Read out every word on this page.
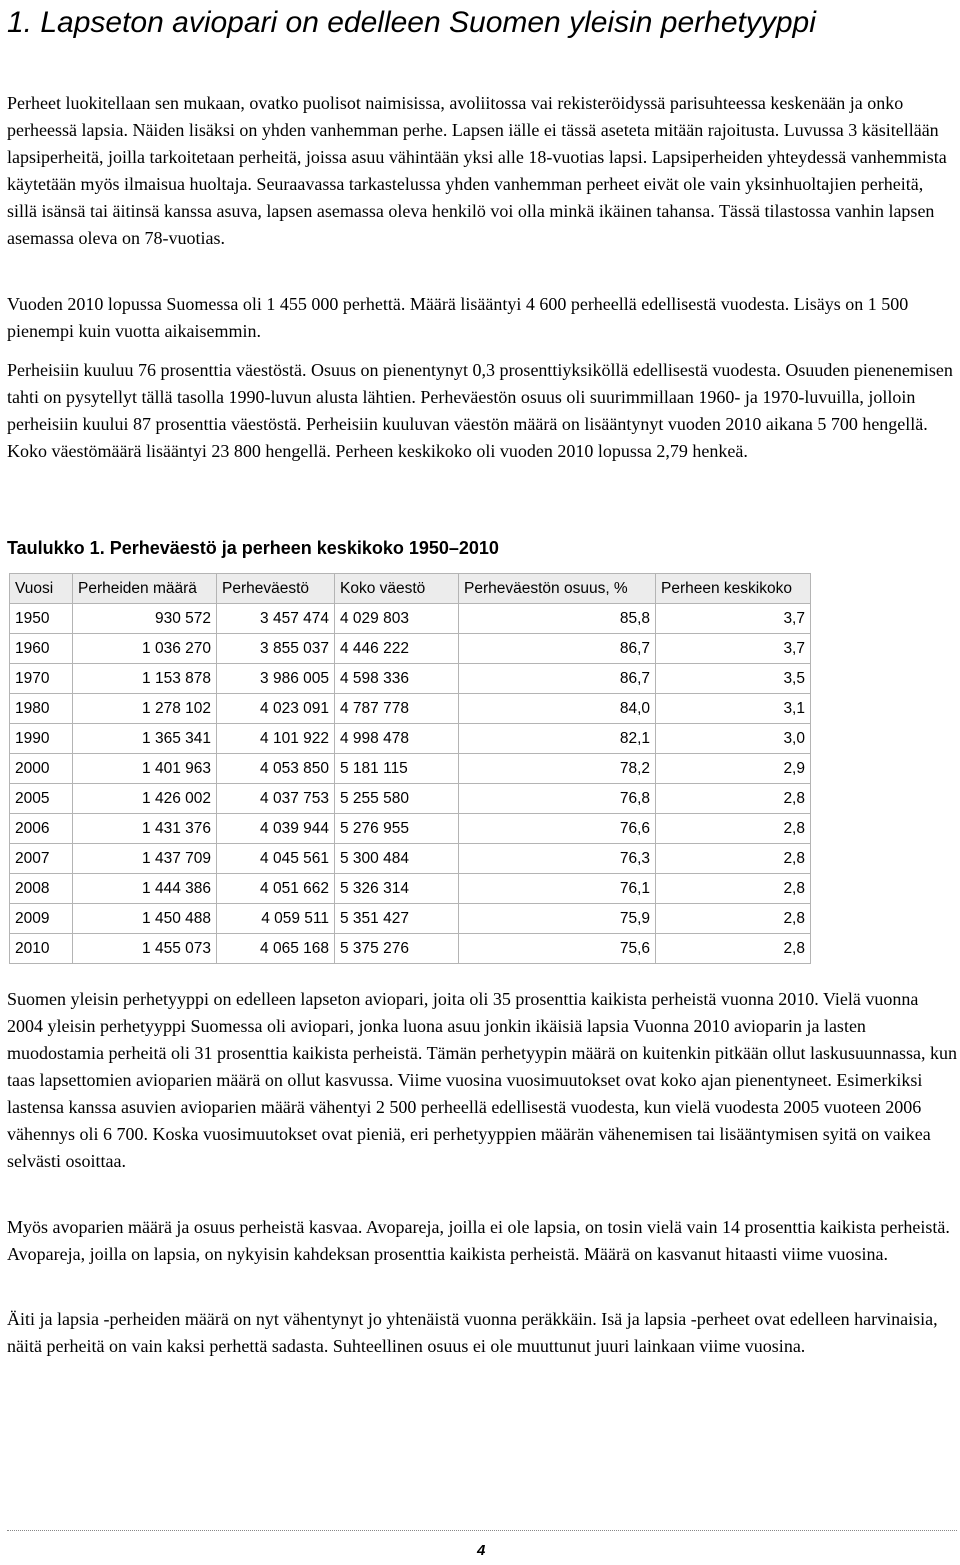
1. Lapseton aviopari on edelleen Suomen yleisin perhetyyppi

Perheet luokitellaan sen mukaan, ovatko puolisot naimisissa, avoliitossa vai rekisteröidyssä parisuhteessa keskenään ja onko perheessä lapsia. Näiden lisäksi on yhden vanhemman perhe. Lapsen iälle ei tässä aseteta mitään rajoitusta. Luvussa 3 käsitellään lapsiperheitä, joilla tarkoitetaan perheitä, joissa asuu vähintään yksi alle 18-vuotias lapsi. Lapsiperheiden yhteydessä vanhemmista käytetään myös ilmaisua huoltaja. Seuraavassa tarkastelussa yhden vanhemman perheet eivät ole vain yksinhuoltajien perheitä, sillä isänsä tai äitinsä kanssa asuva, lapsen asemassa oleva henkilö voi olla minkä ikäinen tahansa. Tässä tilastossa vanhin lapsen asemassa oleva on 78-vuotias.

Vuoden 2010 lopussa Suomessa oli 1 455 000 perhettä. Määrä lisääntyi 4 600 perheellä edellisestä vuodesta. Lisäys on 1 500 pienempi kuin vuotta aikaisemmin.

Perheisiin kuuluu 76 prosenttia väestöstä. Osuus on pienentynyt 0,3 prosenttiyksiköllä edellisestä vuodesta. Osuuden pienenemisen tahti on pysytellyt tällä tasolla 1990-luvun alusta lähtien. Perheväestön osuus oli suurimmillaan 1960- ja 1970-luvuilla, jolloin perheisiin kuului 87 prosenttia väestöstä. Perheisiin kuuluvan väestön määrä on lisääntynyt vuoden 2010 aikana 5 700 hengellä. Koko väestömäärä lisääntyi 23 800 hengellä. Perheen keskikoko oli vuoden 2010 lopussa 2,79 henkeä.

Taulukko 1. Perheväestö ja perheen keskikoko 1950–2010
Vuosi	Perheiden määrä	Perheväestö	Koko väestö	Perheväestön osuus, %	Perheen keskikoko
1950	930 572	3 457 474	4 029 803	85,8	3,7
1960	1 036 270	3 855 037	4 446 222	86,7	3,7
1970	1 153 878	3 986 005	4 598 336	86,7	3,5
1980	1 278 102	4 023 091	4 787 778	84,0	3,1
1990	1 365 341	4 101 922	4 998 478	82,1	3,0
2000	1 401 963	4 053 850	5 181 115	78,2	2,9
2005	1 426 002	4 037 753	5 255 580	76,8	2,8
2006	1 431 376	4 039 944	5 276 955	76,6	2,8
2007	1 437 709	4 045 561	5 300 484	76,3	2,8
2008	1 444 386	4 051 662	5 326 314	76,1	2,8
2009	1 450 488	4 059 511	5 351 427	75,9	2,8
2010	1 455 073	4 065 168	5 375 276	75,6	2,8

Suomen yleisin perhetyyppi on edelleen lapseton aviopari, joita oli 35 prosenttia kaikista perheistä vuonna 2010. Vielä vuonna 2004 yleisin perhetyyppi Suomessa oli aviopari, jonka luona asuu jonkin ikäisiä lapsia Vuonna 2010 avioparin ja lasten muodostamia perheitä oli 31 prosenttia kaikista perheistä. Tämän perhetyypin määrä on kuitenkin pitkään ollut laskusuunnassa, kun taas lapsettomien avioparien määrä on ollut kasvussa. Viime vuosina vuosimuutokset ovat koko ajan pienentyneet. Esimerkiksi lastensa kanssa asuvien avioparien määrä vähentyi 2 500 perheellä edellisestä vuodesta, kun vielä vuodesta 2005 vuoteen 2006 vähennys oli 6 700. Koska vuosimuutokset ovat pieniä, eri perhetyyppien määrän vähenemisen tai lisääntymisen syitä on vaikea selvästi osoittaa.

Myös avoparien määrä ja osuus perheistä kasvaa. Avopareja, joilla ei ole lapsia, on tosin vielä vain 14 prosenttia kaikista perheistä. Avopareja, joilla on lapsia, on nykyisin kahdeksan prosenttia kaikista perheistä. Määrä on kasvanut hitaasti viime vuosina.

Äiti ja lapsia -perheiden määrä on nyt vähentynyt jo yhtenäistä vuonna peräkkäin. Isä ja lapsia -perheet ovat edelleen harvinaisia, näitä perheitä on vain kaksi perhettä sadasta. Suhteellinen osuus ei ole muuttunut juuri lainkaan viime vuosina.

4
